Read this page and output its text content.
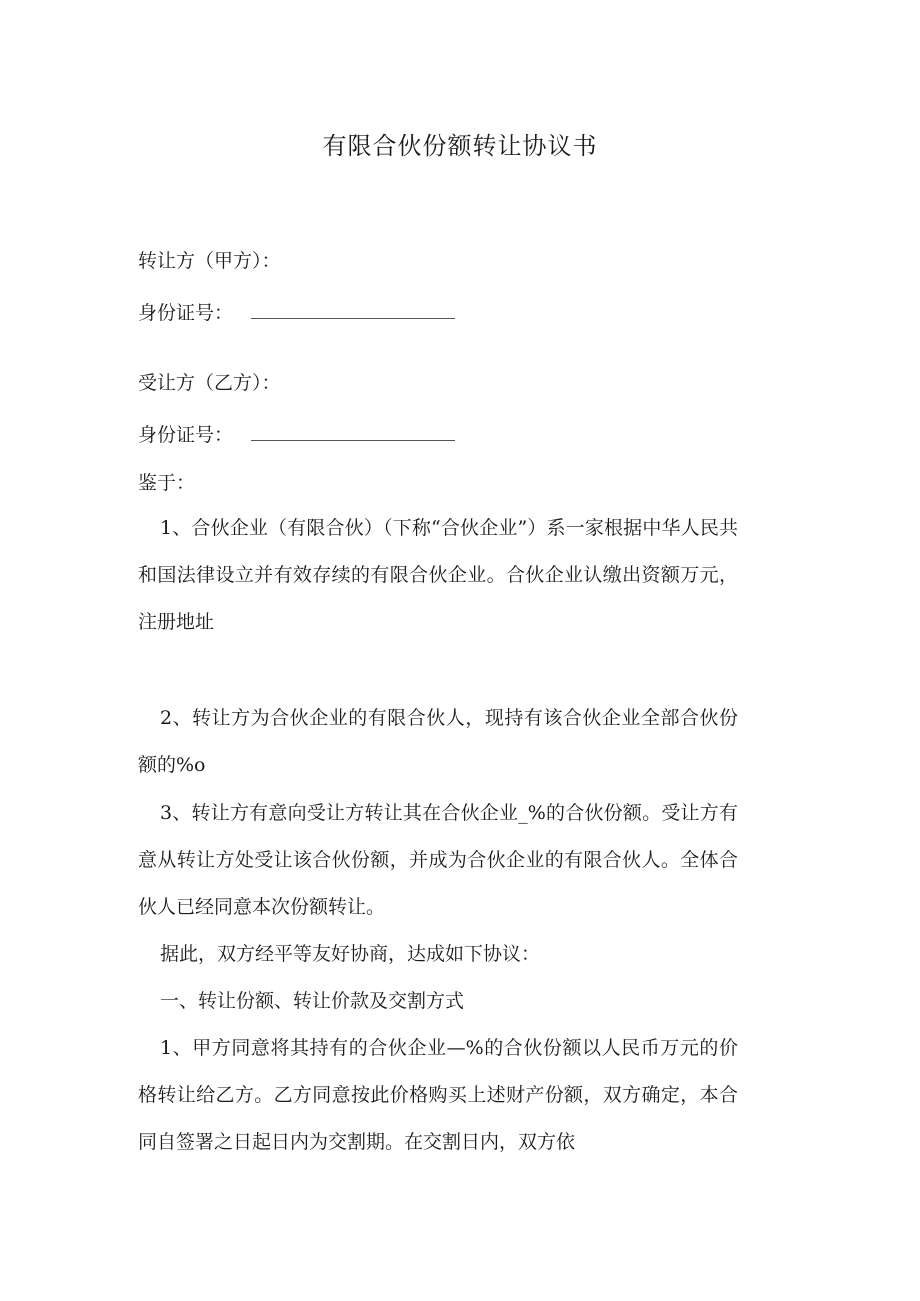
有限合伙份额转让协议书

转让方（甲方）：

身份证号：

受让方（乙方）：

身份证号：

鉴于：

1、合伙企业（有限合伙）（下称“合伙企业”）系一家根据中华人民共和国法律设立并有效存续的有限合伙企业。合伙企业认缴出资额万元，注册地址

2、转让方为合伙企业的有限合伙人，现持有该合伙企业全部合伙份额的%o

3、转让方有意向受让方转让其在合伙企业_%的合伙份额。受让方有意从转让方处受让该合伙份额，并成为合伙企业的有限合伙人。全体合伙人已经同意本次份额转让。

据此，双方经平等友好协商，达成如下协议：

一、转让份额、转让价款及交割方式

1、甲方同意将其持有的合伙企业—%的合伙份额以人民币万元的价格转让给乙方。乙方同意按此价格购买上述财产份额，双方确定，本合同自签署之日起日内为交割期。在交割日内，双方依
